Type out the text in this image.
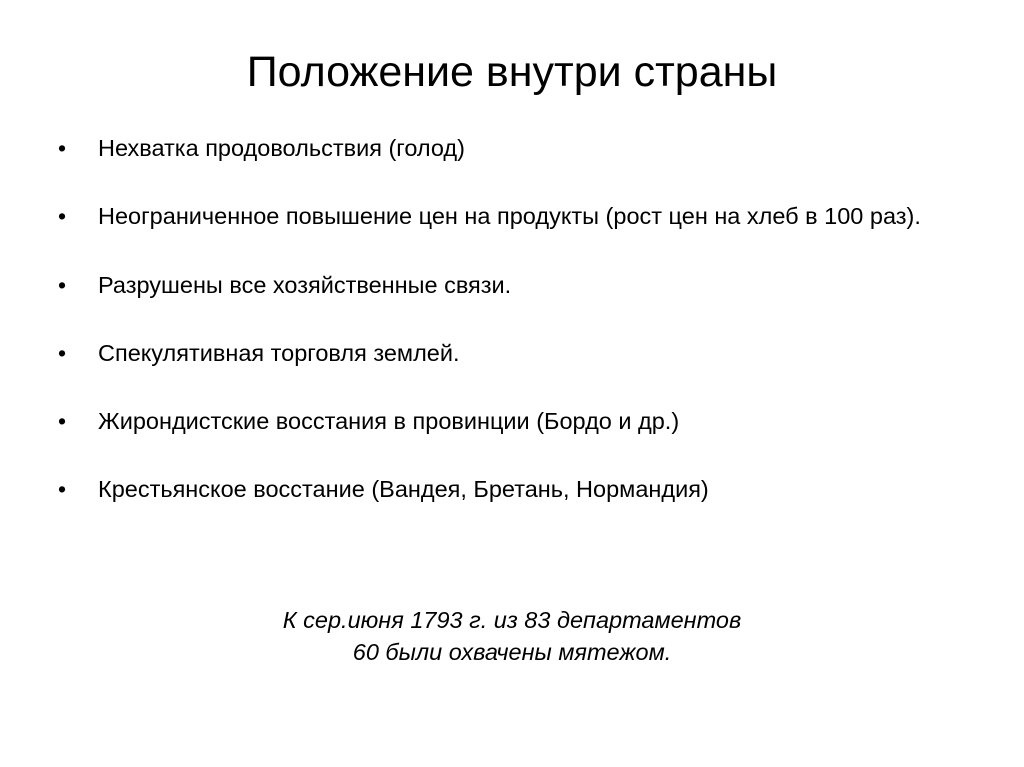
Положение внутри страны
•	Нехватка продовольствия (голод)
•	Неограниченное повышение цен на продукты (рост цен на хлеб в 100 раз).
•	Разрушены все хозяйственные связи.
•	Спекулятивная торговля землей.
•	Жирондистские восстания в провинции (Бордо и др.)
•	Крестьянское восстание (Вандея, Бретань, Нормандия)
К сер.июня 1793 г. из 83 департаментов
60 были охвачены мятежом.
